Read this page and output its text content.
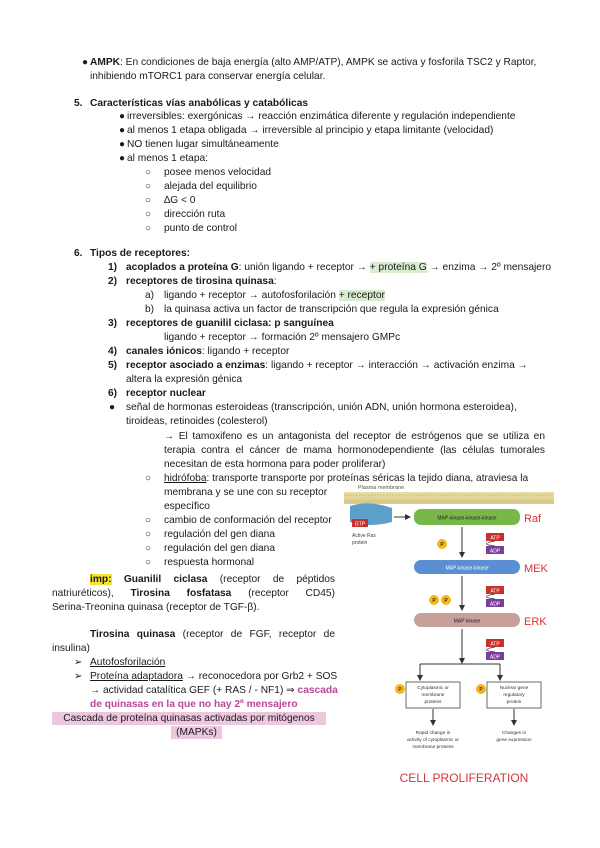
● AMPK: En condiciones de baja energía (alto AMP/ATP), AMPK se activa y fosforila TSC2 y Raptor,
inhibiendo mTORC1 para conservar energía celular.
5. Características vías anabólicas y catabólicas
● irreversibles: exergónicas → reacción enzimática diferente y regulación independiente
● al menos 1 etapa obligada → irreversible al principio y etapa limitante (velocidad)
● NO tienen lugar simultáneamente
● al menos 1 etapa:
○ posee menos velocidad
○ alejada del equilibrio
○ ∆G < 0
○ dirección ruta
○ punto de control
6. Tipos de receptores:
1) acoplados a proteína G: unión ligando + receptor → + proteína G → enzima → 2º mensajero
2) receptores de tirosina quinasa:
a) ligando + receptor → autofosforilación + receptor
b) la quinasa activa un factor de transcripción que regula la expresión génica
3) receptores de guanilil ciclasa: p sanguínea
ligando + receptor → formación 2º mensajero GMPc
4) canales iónicos: ligando + receptor
5) receptor asociado a enzimas: ligando + receptor → interacción → activación enzima →
altera la expresión génica
6) receptor nuclear
● señal de hormonas esteroideas (transcripción, unión ADN, unión hormona esteroidea),
tiroideas, retinoides (colesterol)
→ El tamoxifeno es un antagonista del receptor de estrógenos que se utiliza en
terapia contra el cáncer de mama hormonodependiente (las células tumorales
necesitan de esta hormona para poder proliferar)
○ hidrófoba: transporte transporte por proteínas séricas la tejido diana, atraviesa la
membrana y se une con su receptor
específico
○ cambio de conformación del receptor
○ regulación del gen diana
○ regulación del gen diana
○ respuesta hormonal
imp: Guanilil ciclasa (receptor de péptidos
natriuréticos), Tirosina fosfatasa (receptor CD45)
Serina-Treonina quinasa (receptor de TGF-β).
Tirosina quinasa (receptor de FGF, receptor de
insulina)
➢ Autofosforilación
➢ Proteína adaptadora → reconocedora por Grb2 + SOS
→ actividad catalítica GEF (+ RAS / - NF1) ⇒ cascada
de quinasas en la que no hay 2º mensajero
Cascada de proteína quinasas activadas por mitógenos
(MAPKs)
Plasma membrane
GTP
Active Ras
protein
MAP-kinase-kinase-kinase Raf
P
ATP
ADP
MAP-kinase-kinase	MEK
P P
ATP
ADP
MAP kinase	ERK
ATP
ADP
P	Cytoplasmic or
membrane
proteins
P	Nuclear gene
regulatory
protein
Rapid change in
activity of cytoplasmic or
membrane proteins
Changes in
gene expression
CELL PROLIFERATION
